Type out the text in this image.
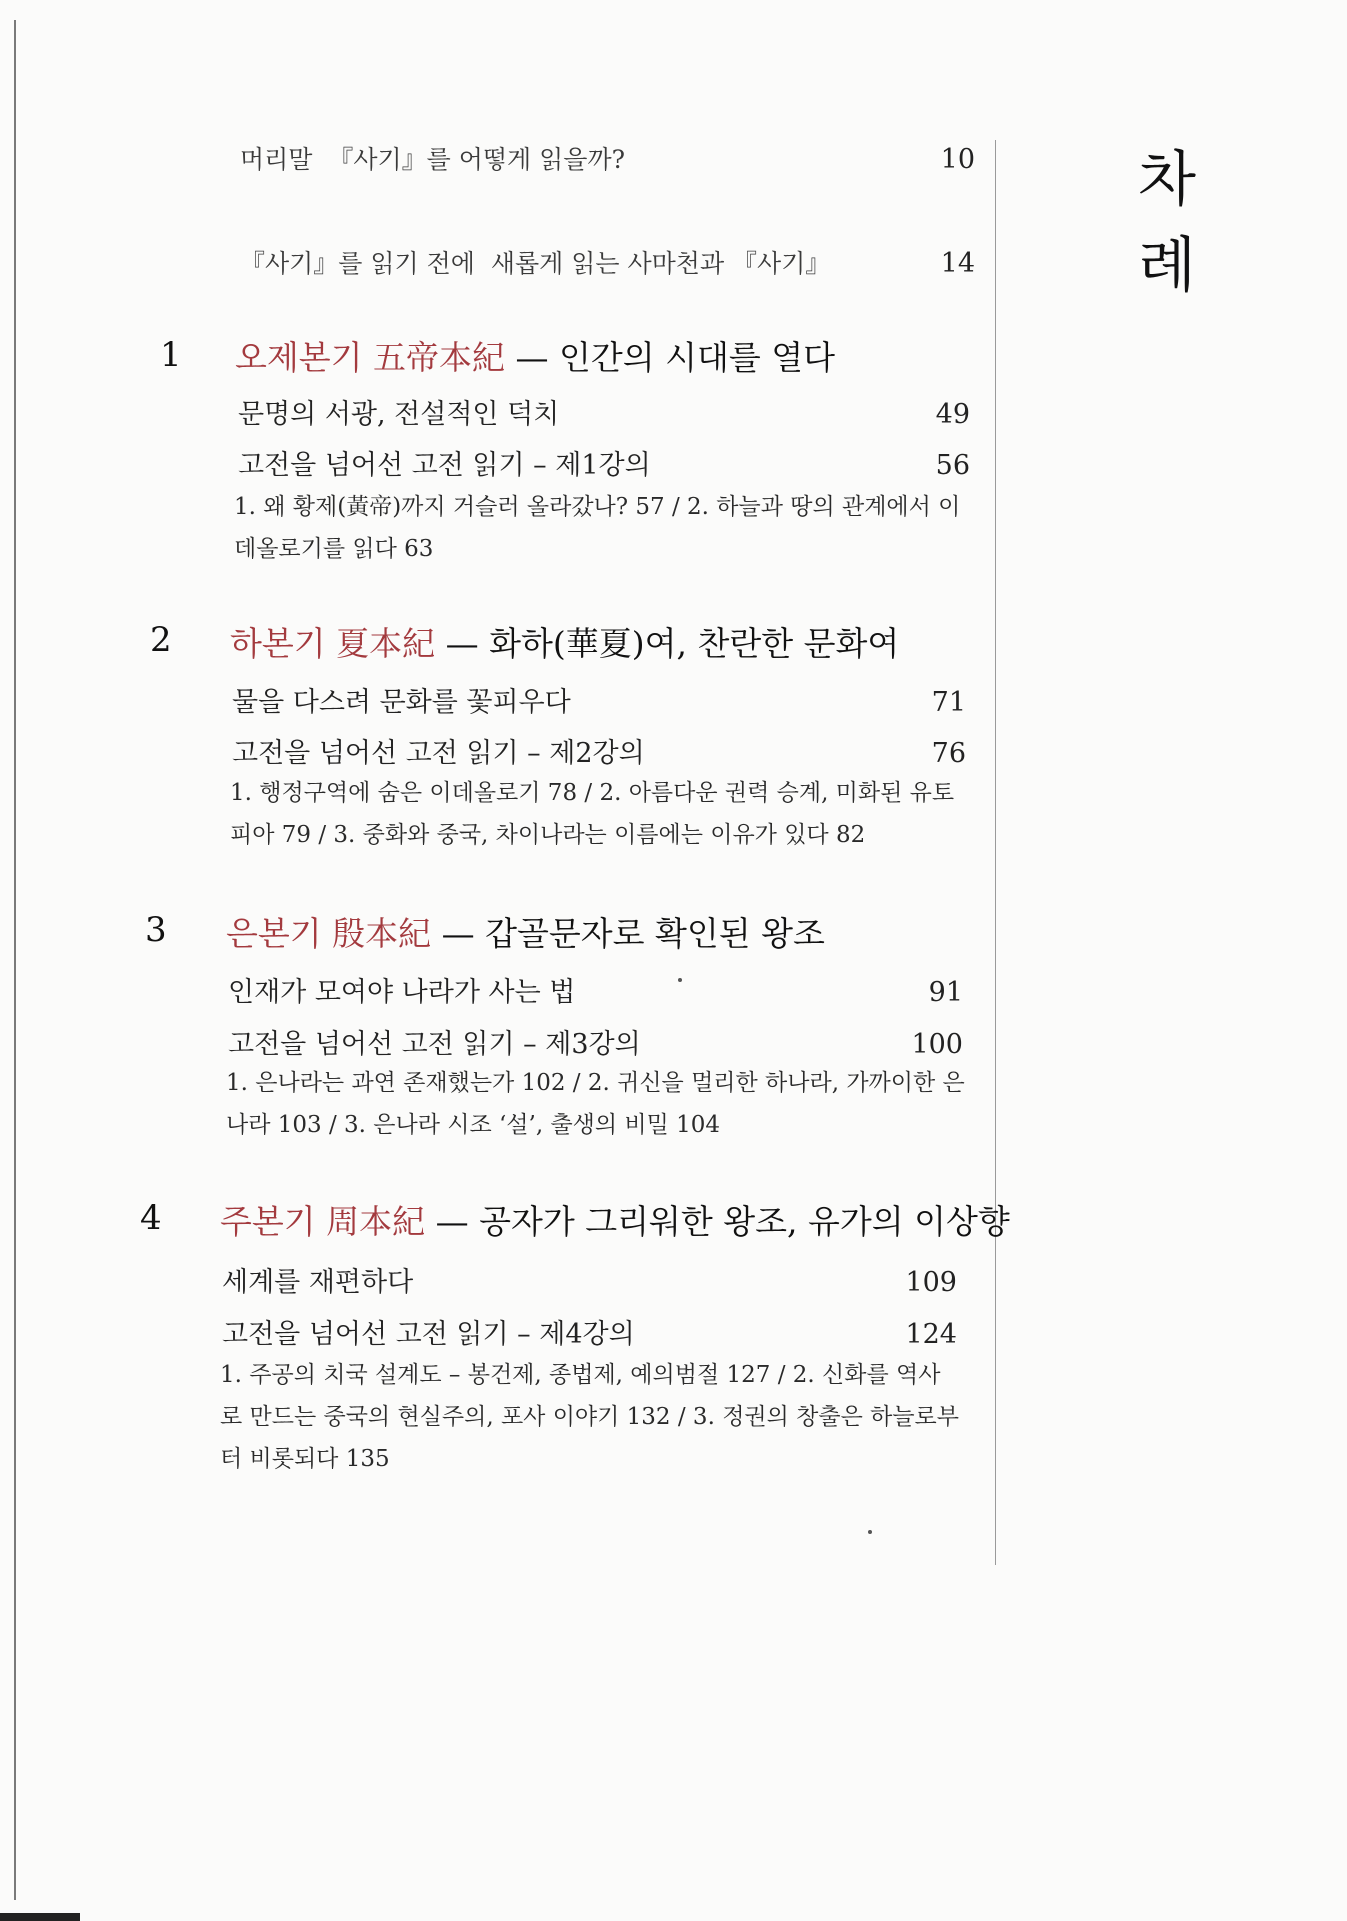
차
례
머리말 『사기』를 어떻게 읽을까?	10
『사기』를 읽기 전에 새롭게 읽는 사마천과 『사기』	14
1 오제본기 五帝本紀 — 인간의 시대를 열다
문명의 서광, 전설적인 덕치	49
고전을 넘어선 고전 읽기 – 제1강의	56
1. 왜 황제(黃帝)까지 거슬러 올라갔나? 57 / 2. 하늘과 땅의 관계에서 이데올로기를 읽다 63
2 하본기 夏本紀 — 화하(華夏)여, 찬란한 문화여
물을 다스려 문화를 꽃피우다	71
고전을 넘어선 고전 읽기 – 제2강의	76
1. 행정구역에 숨은 이데올로기 78 / 2. 아름다운 권력 승계, 미화된 유토피아 79 / 3. 중화와 중국, 차이나라는 이름에는 이유가 있다 82
3 은본기 殷本紀 — 갑골문자로 확인된 왕조
인재가 모여야 나라가 사는 법	91
고전을 넘어선 고전 읽기 – 제3강의	100
1. 은나라는 과연 존재했는가 102 / 2. 귀신을 멀리한 하나라, 가까이한 은나라 103 / 3. 은나라 시조 ‘설’, 출생의 비밀 104
4 주본기 周本紀 — 공자가 그리워한 왕조, 유가의 이상향
세계를 재편하다	109
고전을 넘어선 고전 읽기 – 제4강의	124
1. 주공의 치국 설계도 – 봉건제, 종법제, 예의범절 127 / 2. 신화를 역사로 만드는 중국의 현실주의, 포사 이야기 132 / 3. 정권의 창출은 하늘로부터 비롯되다 135
